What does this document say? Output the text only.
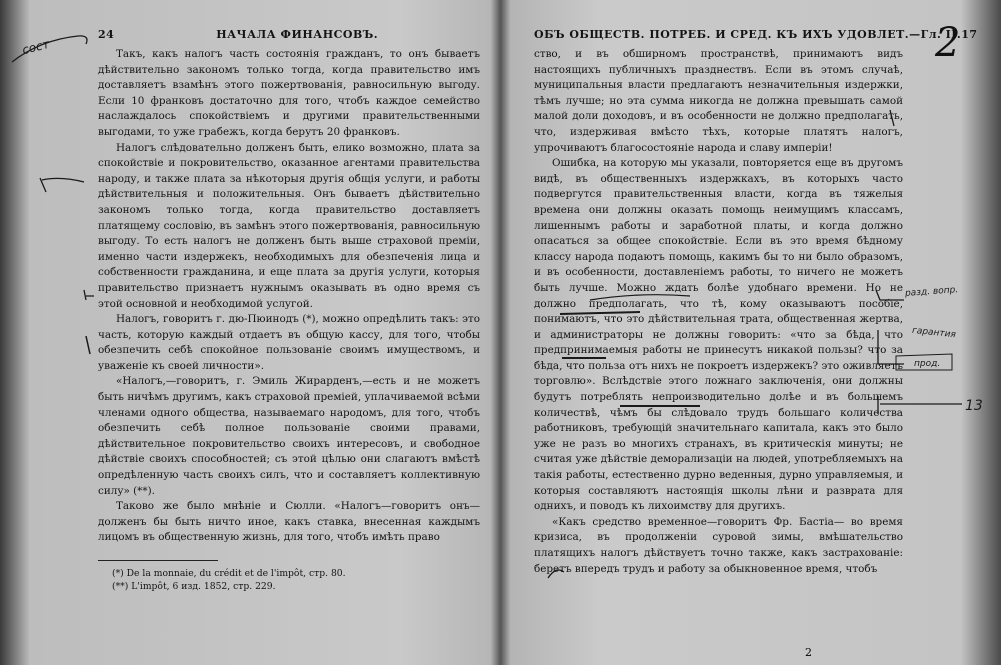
24	НАЧАЛА ФИНАНСОВЪ.

Такъ, какъ налогъ часть состоянія гражданъ, то онъ бываетъ дѣйствительно закономъ только тогда, когда правительство имъ доставляетъ взамѣнъ этого пожертвованія, равносильную выгоду. Если 10 франковъ достаточно для того, чтобъ каждое семейство наслаждалось спокойствіемъ и другими правительственными выгодами, то уже грабежъ, когда берутъ 20 франковъ.

Налогъ слѣдовательно долженъ быть, елико возможно, плата за спокойствіе и покровительство, оказанное агентами правительства народу, и также плата за нѣкоторыя другія общія услуги, и работы дѣйствительныя и положительныя. Онъ бываетъ дѣйствительно закономъ только тогда, когда правительство доставляетъ платящему сословію, въ замѣнъ этого пожертвованія, равносильную выгоду. То есть налогъ не долженъ быть выше страховой преміи, именно части издержекъ, необходимыхъ для обезпеченія лица и собственности гражданина, и еще плата за другія услуги, которыя правительство признаетъ нужнымъ оказывать въ одно время съ этой основной и необходимой услугой.

Налогъ, говоритъ г. дю-Пюинодъ (*), можно опредѣлить такъ: это часть, которую каждый отдаетъ въ общую кассу, для того, чтобы обезпечить себѣ спокойное пользованіе своимъ имуществомъ, и уваженіе къ своей личности».

«Налогъ,—говоритъ, г. Эмиль Жирарденъ,—есть и не можетъ быть ничѣмъ другимъ, какъ страховой преміей, уплачиваемой всѣми членами одного общества, называемаго народомъ, для того, чтобъ обезпечить себѣ полное пользованіе своими правами, дѣйствительное покровительство своихъ интересовъ, и свободное дѣйствіе своихъ способностей; съ этой цѣлью они слагаютъ вмѣстѣ опредѣленную часть своихъ силъ, что и составляетъ коллективную силу» (**).

Таково же было мнѣніе и Сюлли. «Налогъ—говоритъ онъ—долженъ бы быть ничто иное, какъ ставка, внесенная каждымъ лицомъ въ общественную жизнь, для того, чтобъ имѣть право

(*) De la monnaie, du crédit et de l'impôt, стр. 80.

(**) L'impôt, 6 изд. 1852, стр. 229.

ОБЪ ОБЩЕСТВ. ПОТРЕБ. И СРЕД. КЪ ИХЪ УДОВЛЕТ.—Гл. II. 17

ство, и въ обширномъ пространствѣ, принимаютъ видъ настоящихъ публичныхъ празднествъ. Если въ этомъ случаѣ, муниципальныя власти предлагаютъ незначительныя издержки, тѣмъ лучше; но эта сумма никогда не должна превышать самой малой доли доходовъ, и въ особенности не должно предполагать, что, издерживая вмѣсто тѣхъ, которые платятъ налогъ, упрочиваютъ благосостояніе народа и славу имперіи!

Ошибка, на которую мы указали, повторяется еще въ другомъ видѣ, въ общественныхъ издержкахъ, въ которыхъ часто подвергутся правительственныя власти, когда въ тяжелыя времена они должны оказать помощь неимущимъ классамъ, лишеннымъ работы и заработной платы, и когда должно опасаться за общее спокойствіе. Если въ это время бѣдному классу народа подаютъ помощь, какимъ бы то ни было образомъ, и въ особенности, доставленіемъ работы, то ничего не можетъ быть лучше. Можно ждать болѣе удобнаго времени. Но не должно предполагать, что тѣ, кому оказываютъ пособіе, понимаютъ, что это дѣйствительная трата, общественная жертва, и администраторы не должны говорить: «что за бѣда, что предпринимаемыя работы не принесутъ никакой пользы? что за бѣда, что польза отъ нихъ не покроетъ издержекъ? это оживляетъ торговлю». Вслѣдствіе этого ложнаго заключенія, они должны будутъ потреблять непроизводительно долѣе и въ большемъ количествѣ, чѣмъ бы слѣдовало трудъ большаго количества работниковъ, требующій значительнаго капитала, какъ это было уже не разъ во многихъ странахъ, въ критическія минуты; не считая уже дѣйствіе деморализаціи на людей, употребляемыхъ на такія работы, естественно дурно веденныя, дурно управляемыя, и которыя составляютъ настоящія школы лѣни и разврата для однихъ, и поводъ къ лихоимству для другихъ.

«Какъ средство временное—говоритъ Фр. Бастіа— во время кризиса, въ продолженіи суровой зимы, вмѣшательство платящихъ налогъ дѣйствуетъ точно также, какъ застрахованіе: беретъ впередъ трудъ и работу за обыкновенное время, чтобъ

2
сост	2
разд. вопр.
гарантия
прод.
13
